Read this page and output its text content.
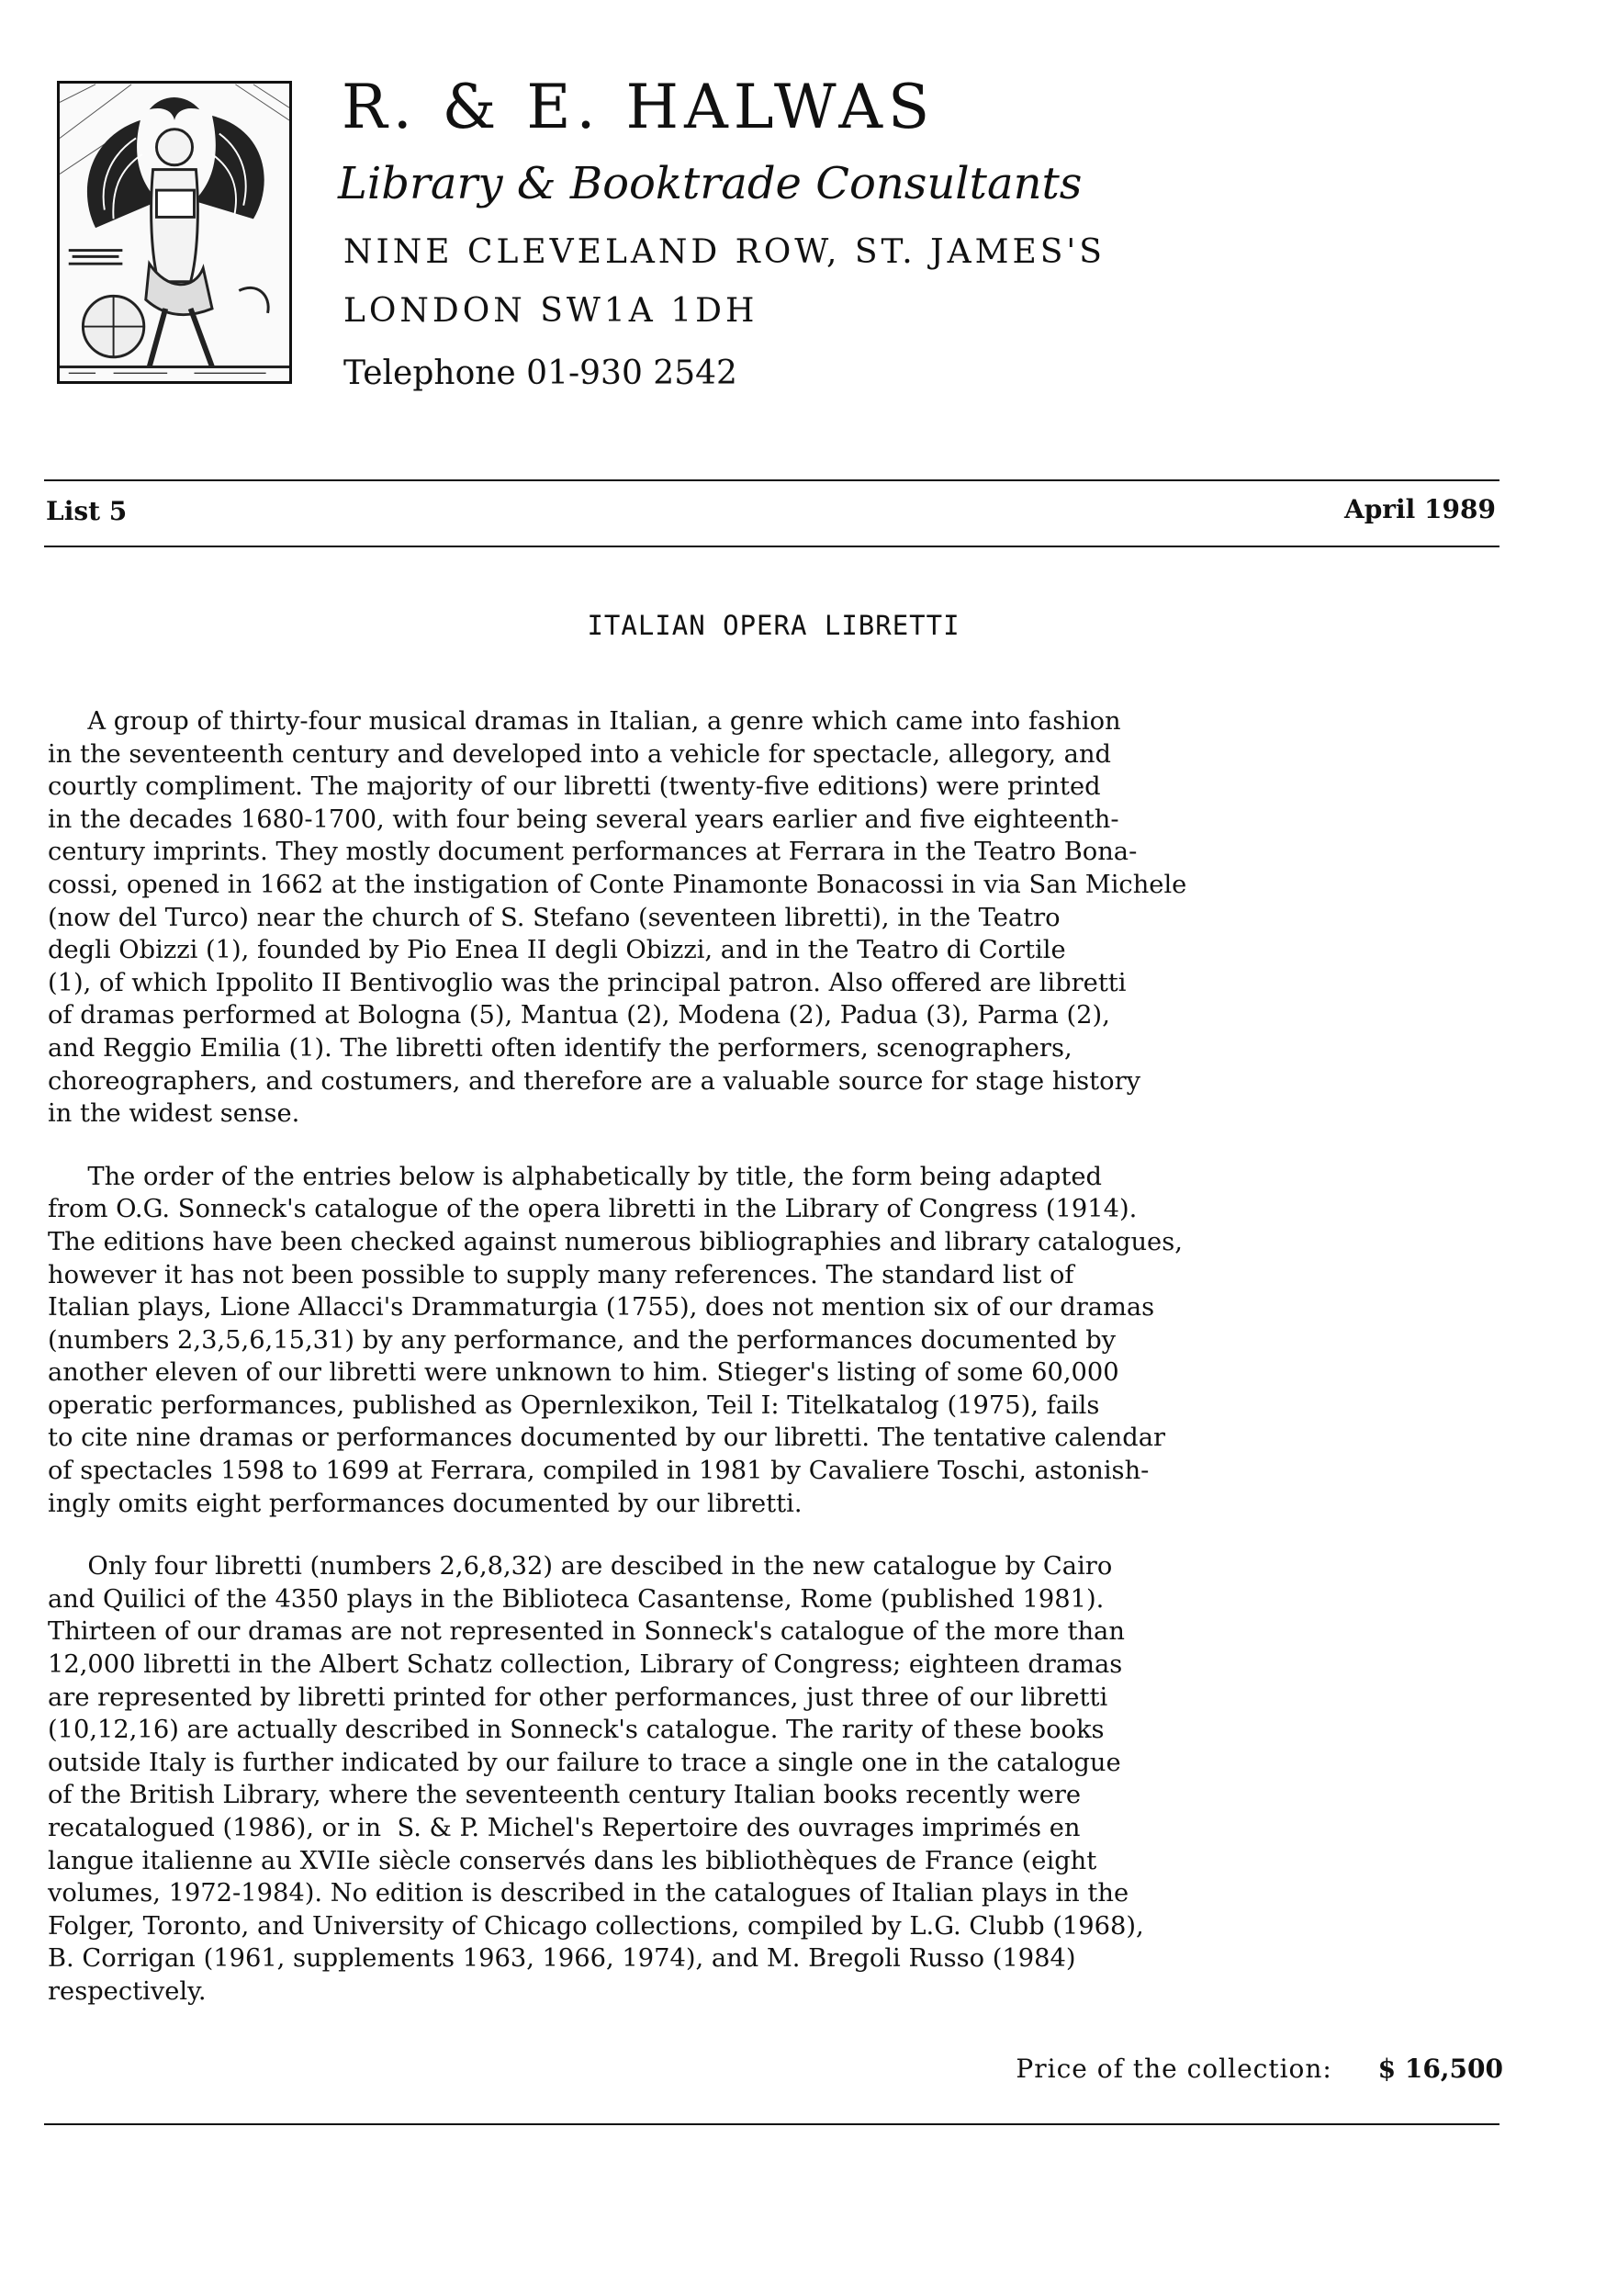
R. & E. HALWAS
Library & Booktrade Consultants
NINE CLEVELAND ROW, ST. JAMES'S
LONDON SW1A 1DH
Telephone 01-930 2542
List 5	April 1989
ITALIAN OPERA LIBRETTI

A group of thirty-four musical dramas in Italian, a genre which came into fashion
in the seventeenth century and developed into a vehicle for spectacle, allegory, and
courtly compliment. The majority of our libretti (twenty-five editions) were printed
in the decades 1680-1700, with four being several years earlier and five eighteenth-
century imprints. They mostly document performances at Ferrara in the Teatro Bona-
cossi, opened in 1662 at the instigation of Conte Pinamonte Bonacossi in via San Michele
(now del Turco) near the church of S. Stefano (seventeen libretti), in the Teatro
degli Obizzi (1), founded by Pio Enea II degli Obizzi, and in the Teatro di Cortile
(1), of which Ippolito II Bentivoglio was the principal patron. Also offered are libretti
of dramas performed at Bologna (5), Mantua (2), Modena (2), Padua (3), Parma (2),
and Reggio Emilia (1). The libretti often identify the performers, scenographers,
choreographers, and costumers, and therefore are a valuable source for stage history
in the widest sense.

The order of the entries below is alphabetically by title, the form being adapted
from O.G. Sonneck's catalogue of the opera libretti in the Library of Congress (1914).
The editions have been checked against numerous bibliographies and library catalogues,
however it has not been possible to supply many references. The standard list of
Italian plays, Lione Allacci's Drammaturgia (1755), does not mention six of our dramas
(numbers 2,3,5,6,15,31) by any performance, and the performances documented by
another eleven of our libretti were unknown to him. Stieger's listing of some 60,000
operatic performances, published as Opernlexikon, Teil I: Titelkatalog (1975), fails
to cite nine dramas or performances documented by our libretti. The tentative calendar
of spectacles 1598 to 1699 at Ferrara, compiled in 1981 by Cavaliere Toschi, astonish-
ingly omits eight performances documented by our libretti.

Only four libretti (numbers 2,6,8,32) are descibed in the new catalogue by Cairo
and Quilici of the 4350 plays in the Biblioteca Casantense, Rome (published 1981).
Thirteen of our dramas are not represented in Sonneck's catalogue of the more than
12,000 libretti in the Albert Schatz collection, Library of Congress; eighteen dramas
are represented by libretti printed for other performances, just three of our libretti
(10,12,16) are actually described in Sonneck's catalogue. The rarity of these books
outside Italy is further indicated by our failure to trace a single one in the catalogue
of the British Library, where the seventeenth century Italian books recently were
recatalogued (1986), or in  S. & P. Michel's Repertoire des ouvrages imprimés en
langue italienne au XVIIe siècle conservés dans les bibliothèques de France (eight
volumes, 1972-1984). No edition is described in the catalogues of Italian plays in the
Folger, Toronto, and University of Chicago collections, compiled by L.G. Clubb (1968),
B. Corrigan (1961, supplements 1963, 1966, 1974), and M. Bregoli Russo (1984)
respectively.

Price of the collection: $ 16,500
